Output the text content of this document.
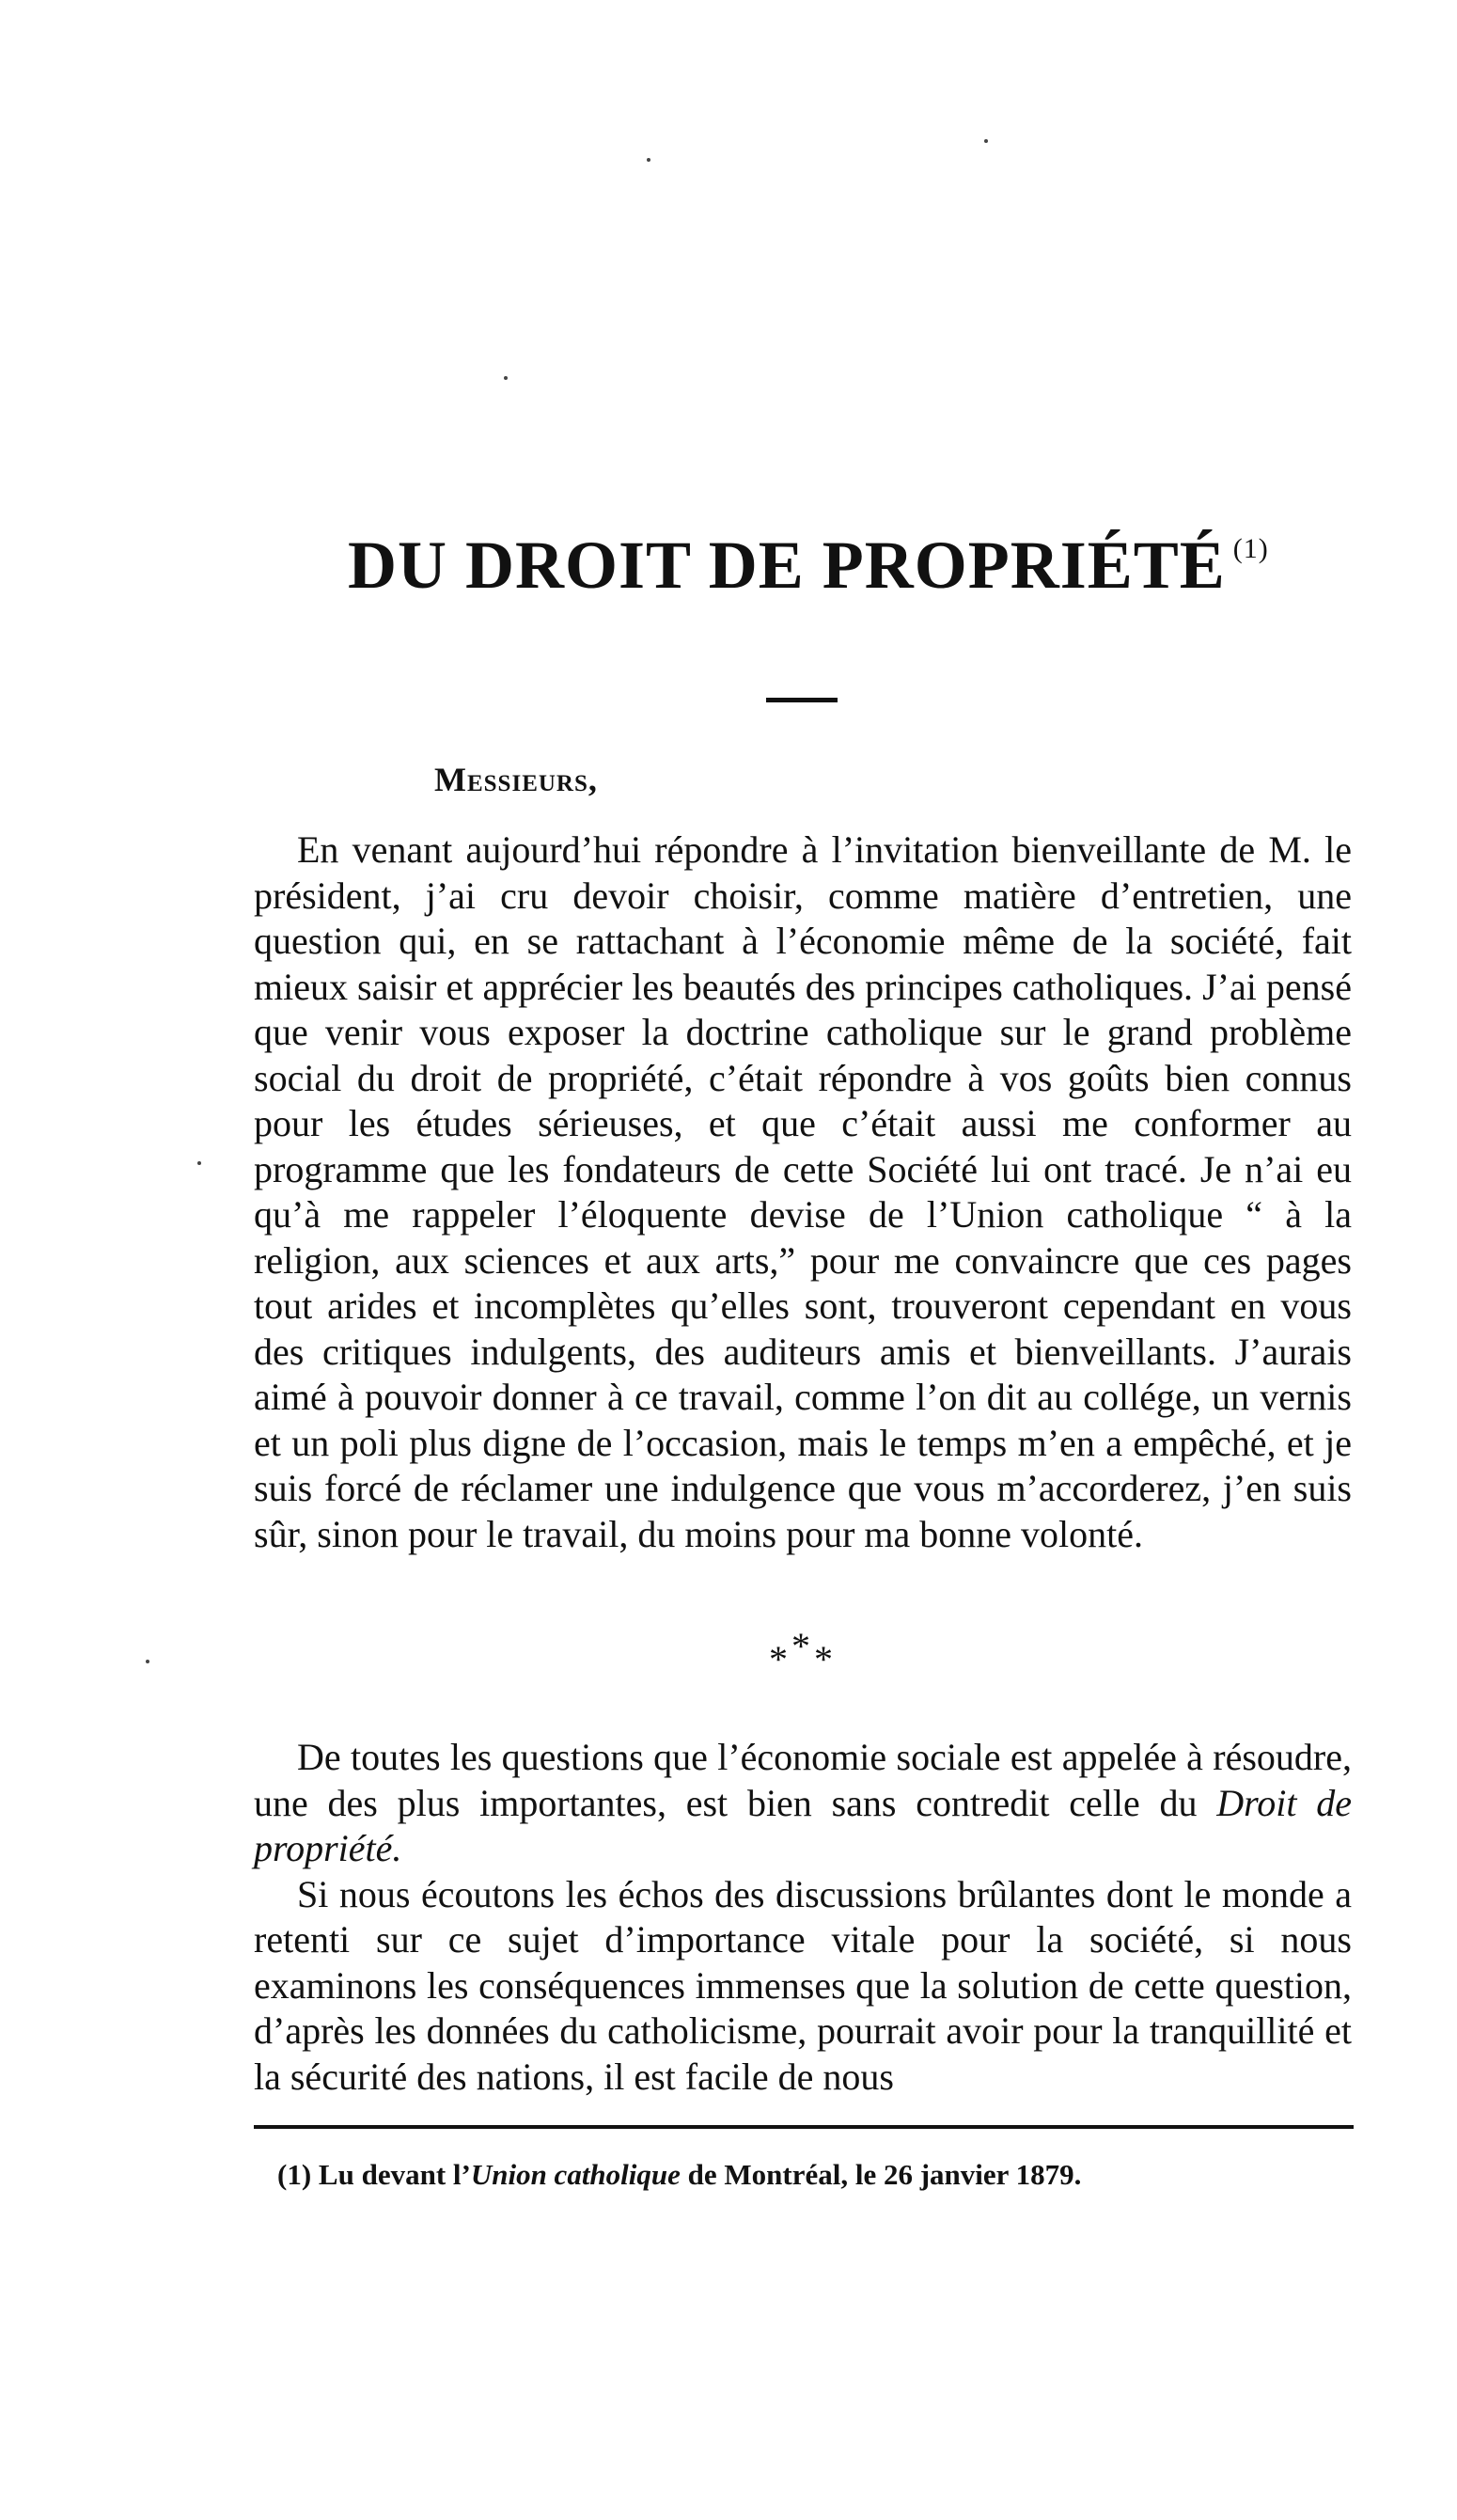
DU DROIT DE PROPRIÉTÉ $^{(1)}$
Messieurs,

En venant aujourd’hui répondre à l’invitation bienveillante de M. le président, j’ai cru devoir choisir, comme matière d’entretien, une question qui, en se rattachant à l’économie même de la société, fait mieux saisir et apprécier les beautés des principes catholiques. J’ai pensé que venir vous exposer la doctrine catholique sur le grand problème social du droit de propriété, c’était répondre à vos goûts bien connus pour les études sérieuses, et que c’était aussi me conformer au programme que les fondateurs de cette Société lui ont tracé. Je n’ai eu qu’à me rappeler l’éloquente devise de l’Union catholique “ à la religion, aux sciences et aux arts,” pour me convaincre que ces pages tout arides et incomplètes qu’elles sont, trouveront cependant en vous des critiques indulgents, des auditeurs amis et bienveillants. J’aurais aimé à pouvoir donner à ce travail, comme l’on dit au collége, un vernis et un poli plus digne de l’occasion, mais le temps m’en a empêché, et je suis forcé de réclamer une indulgence que vous m’accorderez, j’en suis sûr, sinon pour le travail, du moins pour ma bonne volonté.

***

De toutes les questions que l’économie sociale est appelée à résoudre, une des plus importantes, est bien sans contredit celle du Droit de propriété.

Si nous écoutons les échos des discussions brûlantes dont le monde a retenti sur ce sujet d’importance vitale pour la société, si nous examinons les conséquences immenses que la solution de cette question, d’après les données du catholicisme, pourrait avoir pour la tranquillité et la sécurité des nations, il est facile de nous

(1) Lu devant l’Union catholique de Montréal, le 26 janvier 1879.
